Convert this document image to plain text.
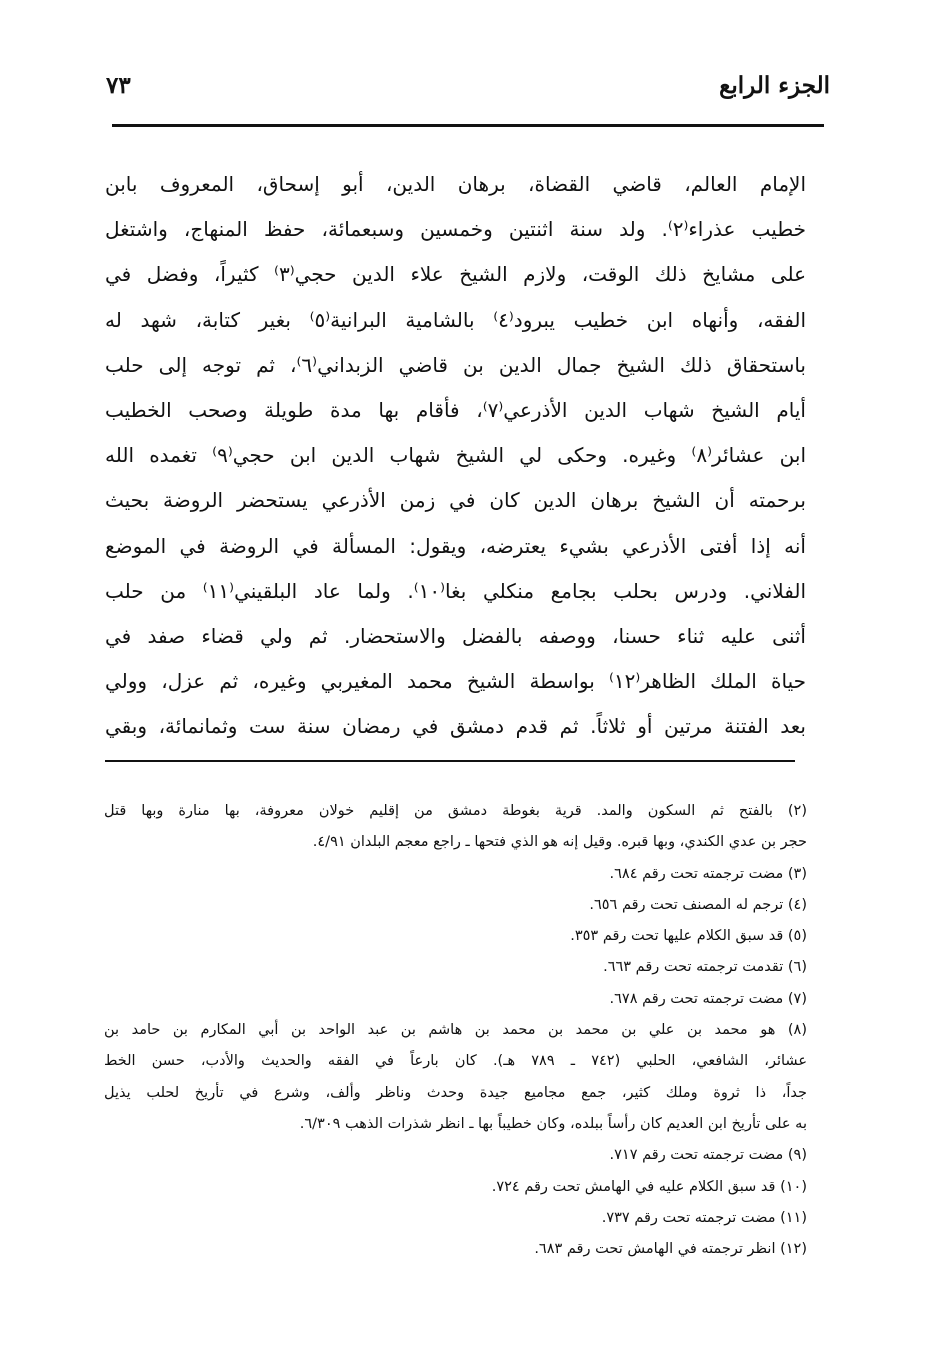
الجزء الرابع
٧٣
الإمام العالم، قاضي القضاة، برهان الدين، أبو إسحاق، المعروف بابن
خطيب عذراء⁽٢⁾. ولد سنة اثنتين وخمسين وسبعمائة، حفظ المنهاج، واشتغل
على مشايخ ذلك الوقت، ولازم الشيخ علاء الدين حجي⁽٣⁾ كثيراً، وفضل في
الفقه، وأنهاه ابن خطيب يبرود⁽٤⁾ بالشامية البرانية⁽٥⁾ بغير كتابة، شهد له
باستحقاق ذلك الشيخ جمال الدين بن قاضي الزبداني⁽٦⁾، ثم توجه إلى حلب
أيام الشيخ شهاب الدين الأذرعي⁽٧⁾، فأقام بها مدة طويلة وصحب الخطيب
ابن عشائر⁽٨⁾ وغيره. وحكى لي الشيخ شهاب الدين ابن حجي⁽٩⁾ تغمده الله
برحمته أن الشيخ برهان الدين كان في زمن الأذرعي يستحضر الروضة بحيث
أنه إذا أفتى الأذرعي بشيء يعترضه، ويقول: المسألة في الروضة في الموضع
الفلاني. ودرس بحلب بجامع منكلي بغا⁽١٠⁾. ولما عاد البلقيني⁽١١⁾ من حلب
أثنى عليه ثناء حسنا، ووصفه بالفضل والاستحضار. ثم ولي قضاء صفد في
حياة الملك الظاهر⁽١٢⁾ بواسطة الشيخ محمد المغيربي وغيره، ثم عزل، وولي
بعد الفتنة مرتين أو ثلاثاً. ثم قدم دمشق في رمضان سنة ست وثمانمائة، وبقي
(٢) بالفتح ثم السكون والمد. قرية بغوطة دمشق من إقليم خولان معروفة، بها منارة وبها قتل
حجر بن عدي الكندي، وبها قبره. وقيل إنه هو الذي فتحها ـ راجع معجم البلدان ٤/٩١.
(٣) مضت ترجمته تحت رقم ٦٨٤.
(٤) ترجم له المصنف تحت رقم ٦٥٦.
(٥) قد سبق الكلام عليها تحت رقم ٣٥٣.
(٦) تقدمت ترجمته تحت رقم ٦٦٣.
(٧) مضت ترجمته تحت رقم ٦٧٨.
(٨) هو محمد بن علي بن محمد بن محمد بن هاشم بن عبد الواحد بن أبي المكارم بن حامد بن
عشائر، الشافعي، الحلبي (٧٤٢ ـ ٧٨٩ هـ). كان بارعاً في الفقه والحديث والأدب، حسن الخط
جداً، ذا ثروة وملك كثير، جمع مجاميع جيدة وحدث وناظر وألف، وشرع في تأريخ لحلب يذيل
به على تأريخ ابن العديم كان رأساً ببلده، وكان خطيباً بها ـ انظر شذرات الذهب ٦/٣٠٩.
(٩) مضت ترجمته تحت رقم ٧١٧.
(١٠) قد سبق الكلام عليه في الهامش تحت رقم ٧٢٤.
(١١) مضت ترجمته تحت رقم ٧٣٧.
(١٢) انظر ترجمته في الهامش تحت رقم ٦٨٣.
